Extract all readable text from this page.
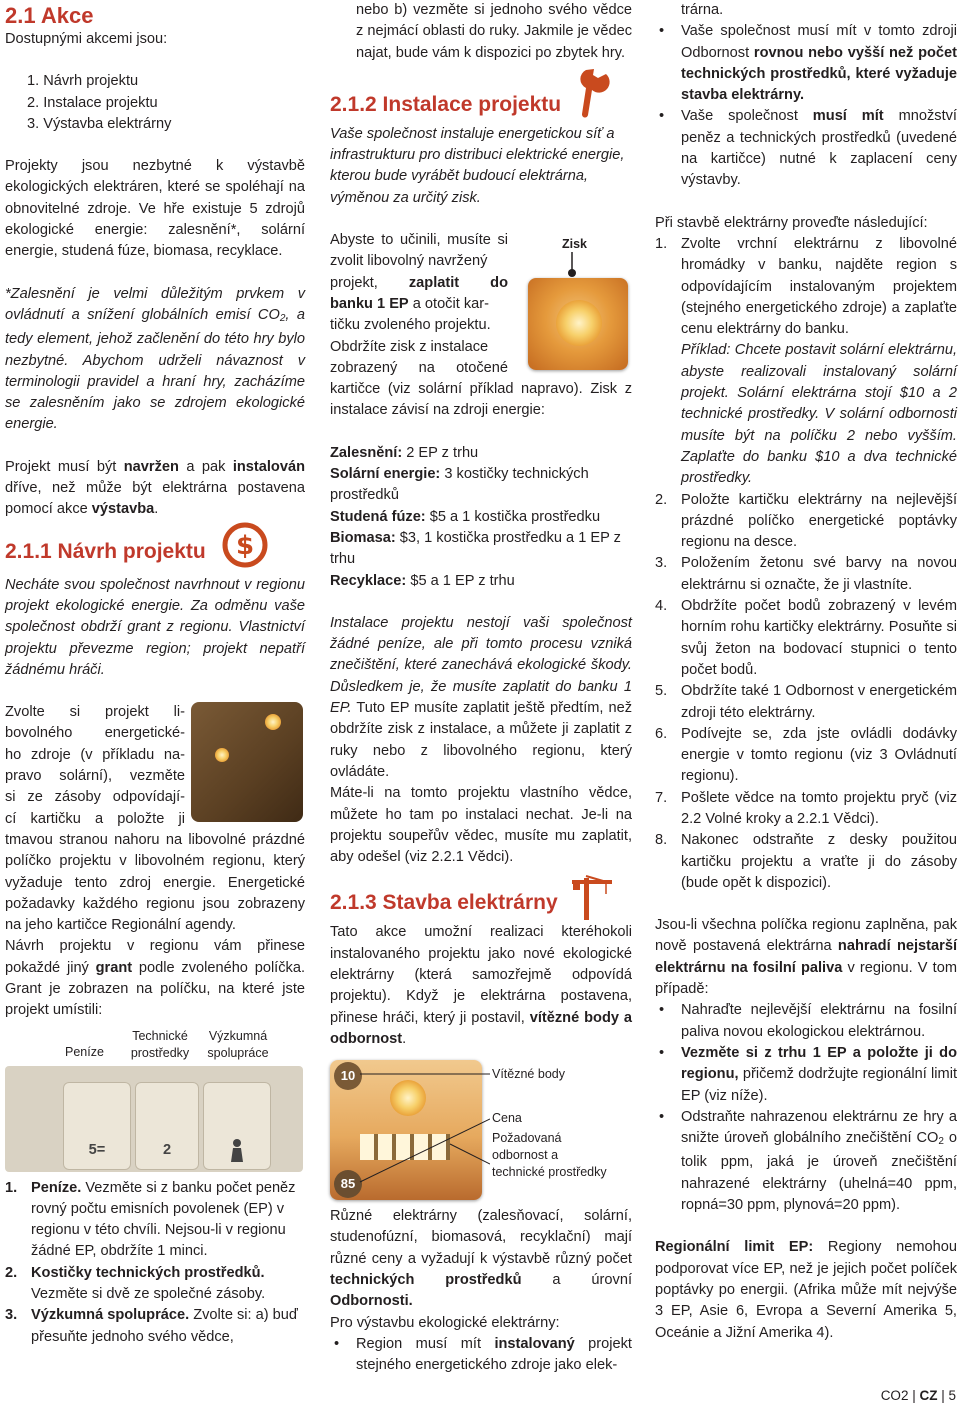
2.1 Akce

Dostupnými akcemi jsou:

1. Návrh projektu
2. Instalace projektu
3. Výstavba elektrárny

Projekty jsou nezbytné k výstavbě ekologických elektráren, které se spoléhají na obnovitelné zdroje. Ve hře existuje 5 zdrojů ekologické energie: zalesnění*, solární energie, studená fúze, biomasa, recyklace.

*Zalesnění je velmi důležitým prvkem v ovládnutí a snížení globálních emisí $CO_2$, a tedy element, jehož začlenění do této hry bylo nezbytné. Abychom udrželi návaznost v terminologii pravidel a hraní hry, zacházíme se zalesněním jako se zdrojem ekologické energie.

Projekt musí být navržen a pak instalován dříve, než může být elektrárna postavena pomocí akce výstavba.

2.1.1 Návrh projektu $

Necháte svou společnost navrhnout v regionu projekt ekologické energie. Za odměnu vaše společnost obdrží grant z regionu. Vlastnictví projektu převezme region; projekt nepatří žádnému hráči.

Zvolte si projekt li-
bovolného energetické-
ho zdroje (v příkladu na-
pravo solární), vezměte
si ze zásoby odpovídají-
cí kartičku a položte ji

tmavou stranou nahoru na libovolné prázdné políčko projektu v libovolném regionu, který vyžaduje tento zdroj energie. Energetické požadavky každého regionu jsou zobrazeny na jeho kartičce Regionální agendy.

Návrh projektu v regionu vám přinese pokaždé jiný grant podle zvoleného políčka. Grant je zobrazen na políčku, na které jste projekt umístili:

Peníze
Technické prostředky
Výzkumná spolupráce
5=	2
1. Peníze. Vezměte si z banku počet peněz rovný počtu emisních povolenek (EP) v regionu v této chvíli. Nejsou-li v regionu žádné EP, obdržíte 1 minci.
2. Kostičky technických prostředků. Vezměte si dvě ze společné zásoby.
3. Výzkumná spolupráce. Zvolte si: a) buď přesuňte jednoho svého vědce,

nebo b) vezměte si jednoho svého vědce z nejmácí oblasti do ruky. Jakmile je vědec najat, bude vám k dispozici po zbytek hry.

2.1.2 Instalace projektu

Vaše společnost instaluje energetickou síť a infrastrukturu pro distribuci elektrické energie, kterou bude vyrábět budoucí elektrárna, výměnou za určitý zisk.

Zisk
Abyste to učinili, musíte si
zvolit libovolný navržený
projekt, zaplatit do
banku 1 EP a otočit kar-
tičku zvoleného projektu.
Obdržíte zisk z instalace
zobrazený na otočené

kartičce (viz solární příklad napravo). Zisk z instalace závisí na zdroji energie:

Zalesnění: 2 EP z trhu
Solární energie: 3 kostičky technických prostředků
Studená fúze: $5 a 1 kostička prostředku
Biomasa: $3, 1 kostička prostředku a 1 EP z trhu
Recyklace: $5 a 1 EP z trhu

Instalace projektu nestojí vaši společnost žádné peníze, ale při tomto procesu vzniká znečištění, které zanechává ekologické škody. Důsledkem je, že musíte zaplatit do banku 1 EP. Tuto EP musíte zaplatit ještě předtím, než obdržíte zisk z instalace, a můžete ji zaplatit z ruky nebo z libovolného regionu, který ovládáte.

Máte-li na tomto projektu vlastního vědce, můžete ho tam po instalaci nechat. Je-li na projektu soupeřův vědec, musíte mu zaplatit, aby odešel (viz 2.2.1 Vědci).

2.1.3 Stavba elektrárny

Tato akce umožní realizaci kteréhokoli instalovaného projektu jako nové ekologické elektrárny (která samozřejmě odpovídá projektu). Když je elektrárna postavena, přinese hráči, který ji postavil, vítězné body a odbornost.

10
85
Vítězné body
Cena
Požadovaná odbornost a technické prostředky

Různé elektrárny (zalesňovací, solární, studenofúzní, biomasová, recyklační) mají různé ceny a vyžadují k výstavbě různý počet technických prostředků a úrovní Odbornosti.

Pro výstavbu ekologické elektrárny:

• Region musí mít instalovaný projekt stejného energetického zdroje jako elek-

trárna.

• Vaše společnost musí mít v tomto zdroji Odbornost rovnou nebo vyšší než počet technických prostředků, které vyžaduje stavba elektrárny.
• Vaše společnost musí mít množství peněz a technických prostředků (uvedené na kartičce) nutné k zaplacení ceny výstavby.

Při stavbě elektrárny proveďte následující:

1. Zvolte vrchní elektrárnu z libovolné hromádky v banku, najděte region s odpovídajícím instalovaným projektem (stejného energetického zdroje) a zaplaťte cenu elektrárny do banku.
Příklad: Chcete postavit solární elektrárnu, abyste realizovali instalovaný solární projekt. Solární elektrárna stojí $10 a 2 technické prostředky. V solární odbornosti musíte být na políčku 2 nebo vyšším. Zaplaťte do banku $10 a dva technické prostředky.
2. Položte kartičku elektrárny na nejlevější prázdné políčko energetické poptávky regionu na desce.
3. Položením žetonu své barvy na novou elektrárnu si označte, že ji vlastníte.
4. Obdržíte počet bodů zobrazený v levém horním rohu kartičky elektrárny. Posuňte si svůj žeton na bodovací stupnici o tento počet bodů.
5. Obdržíte také 1 Odbornost v energetickém zdroji této elektrárny.
6. Podívejte se, zda jste ovládli dodávky energie v tomto regionu (viz 3 Ovládnutí regionu).
7. Pošlete vědce na tomto projektu pryč (viz 2.2 Volné kroky a 2.2.1 Vědci).
8. Nakonec odstraňte z desky použitou kartičku projektu a vraťte ji do zásoby (bude opět k dispozici).

Jsou-li všechna políčka regionu zaplněna, pak nově postavená elektrárna nahradí nejstarší elektrárnu na fosilní paliva v regionu. V tom případě:

• Nahraďte nejlevější elektrárnu na fosilní paliva novou ekologickou elektrárnou.
• Vezměte si z trhu 1 EP a položte ji do regionu, přičemž dodržujte regionální limit EP (viz níže).
• Odstraňte nahrazenou elektrárnu ze hry a snižte úroveň globálního znečištění $CO_2$ o tolik ppm, jaká je úroveň znečištění nahrazené elektrárny (uhelná=40 ppm, ropná=30 ppm, plynová=20 ppm).

Regionální limit EP: Regiony nemohou podporovat více EP, než je jejich počet políček poptávky po energii. (Afrika může mít nejvýše 3 EP, Asie 6, Evropa a Severní Amerika 5, Oceánie a Jižní Amerika 4).

CO2 | CZ | 5
